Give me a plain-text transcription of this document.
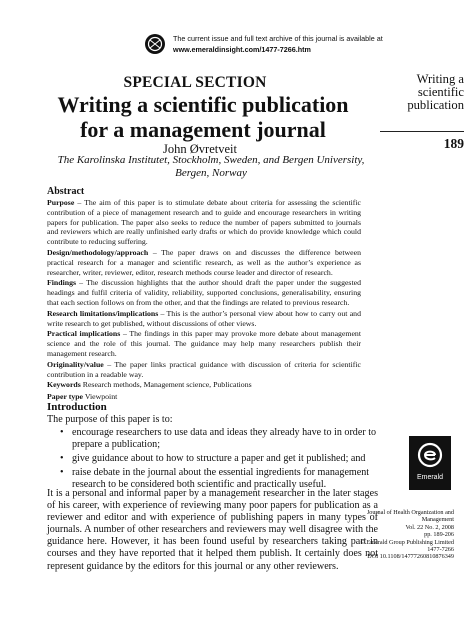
The current issue and full text archive of this journal is available at
www.emeraldinsight.com/1477-7266.htm
SPECIAL SECTION
Writing a scientific publication
for a management journal
John Øvretveit
The Karolinska Institutet, Stockholm, Sweden, and Bergen University,
Bergen, Norway
Writing a
scientific
publication
189
Abstract

Purpose – The aim of this paper is to stimulate debate about criteria for assessing the scientific contribution of a piece of management research and to guide and encourage researchers in writing papers for publication. The paper also seeks to reduce the number of papers submitted to journals and reviewers which are really unfinished early drafts or which do provide knowledge which could contribute to reducing suffering.

Design/methodology/approach – The paper draws on and discusses the difference between practical research for a manager and scientific research, as well as the author’s experience as researcher, writer, reviewer, editor, research methods course leader and director of research.

Findings – The discussion highlights that the author should draft the paper under the suggested headings and fulfil criteria of validity, reliability, supported conclusions, generalisability, ensuring that each section follows on from the other, and that the findings are related to previous research.

Research limitations/implications – This is the author’s personal view about how to carry out and write research to get published, without discussions of other views.

Practical implications – The findings in this paper may provoke more debate about management science and the role of this journal. The guidance may help many researchers publish their management research.

Originality/value – The paper links practical guidance with discussion of criteria for scientific contribution in a readable way.

Keywords Research methods, Management science, Publications

Paper type Viewpoint

Introduction
The purpose of this paper is to:
• encourage researchers to use data and ideas they already have to in order to prepare a publication;
• give guidance about to how to structure a paper and get it published; and
• raise debate in the journal about the essential ingredients for management research to be considered both scientific and practically useful.
It is a personal and informal paper by a management researcher in the later stages of his career, with experience of reviewing many poor papers for publication as a reviewer and editor and with experience of publishing papers in many types of journals. A number of other researchers and reviewers may well disagree with the guidance here. However, it has been found useful by researchers taking part in courses and they have reported that it helped them publish. It certainly does not represent guidance by the editors for this journal or any other reviewers.
Emerald
Journal of Health Organization and
Management
Vol. 22 No. 2, 2008
pp. 189-206
© Emerald Group Publishing Limited
1477-7266
DOI 10.1108/14777260810876349
